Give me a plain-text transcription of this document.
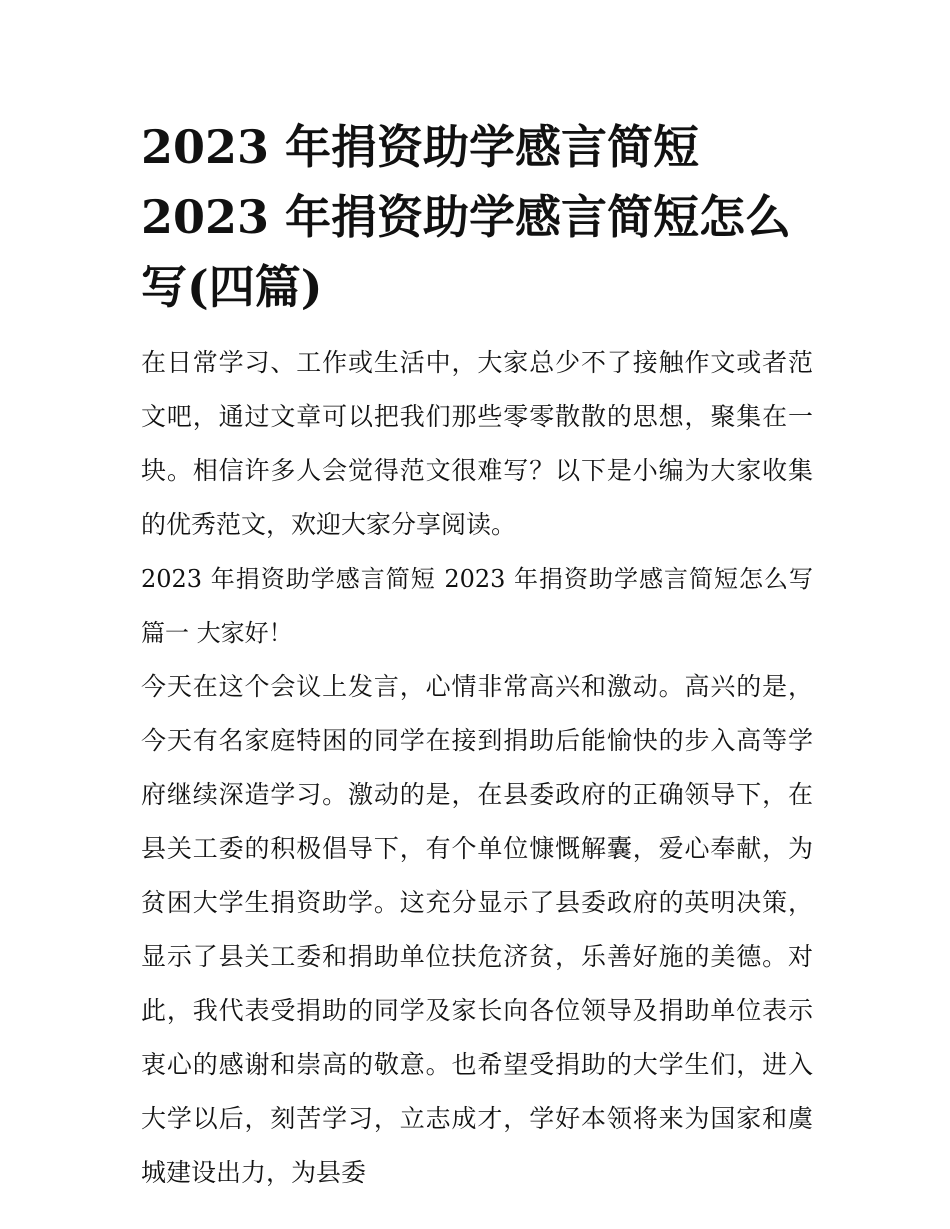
2023 年捐资助学感言简短
2023 年捐资助学感言简短怎么写(四篇)

在日常学习、工作或生活中，大家总少不了接触作文或者范文吧，通过文章可以把我们那些零零散散的思想，聚集在一块。相信许多人会觉得范文很难写？以下是小编为大家收集的优秀范文，欢迎大家分享阅读。

2023 年捐资助学感言简短 2023 年捐资助学感言简短怎么写篇一 大家好！

今天在这个会议上发言，心情非常高兴和激动。高兴的是，今天有名家庭特困的同学在接到捐助后能愉快的步入高等学府继续深造学习。激动的是，在县委政府的正确领导下，在县关工委的积极倡导下，有个单位慷慨解囊，爱心奉献，为贫困大学生捐资助学。这充分显示了县委政府的英明决策，显示了县关工委和捐助单位扶危济贫，乐善好施的美德。对此，我代表受捐助的同学及家长向各位领导及捐助单位表示衷心的感谢和崇高的敬意。也希望受捐助的大学生们，进入大学以后，刻苦学习，立志成才，学好本领将来为国家和虞城建设出力，为县委
